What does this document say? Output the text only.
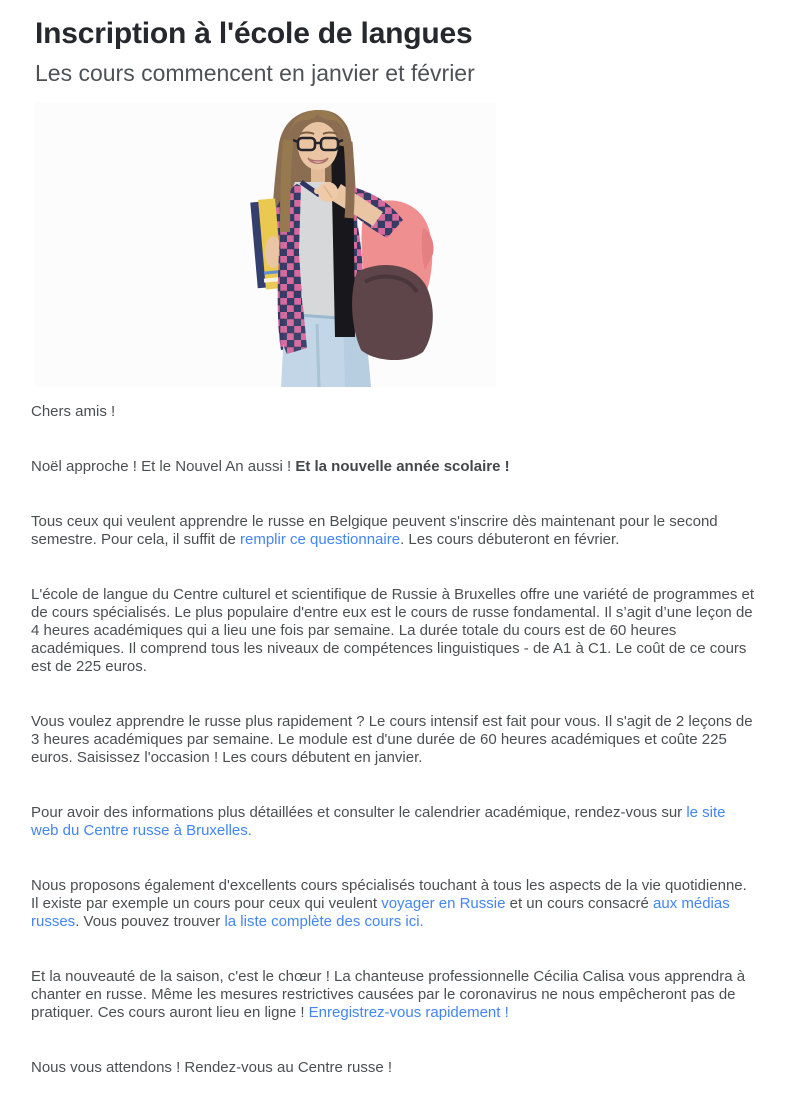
Inscription à l'école de langues
Les cours commencent en janvier et février

Chers amis !

Noël approche ! Et le Nouvel An aussi ! Et la nouvelle année scolaire !

Tous ceux qui veulent apprendre le russe en Belgique peuvent s'inscrire dès maintenant pour le second semestre. Pour cela, il suffit de remplir ce questionnaire. Les cours débuteront en février.

L'école de langue du Centre culturel et scientifique de Russie à Bruxelles offre une variété de programmes et de cours spécialisés. Le plus populaire d'entre eux est le cours de russe fondamental. Il s’agit d’une leçon de 4 heures académiques qui a lieu une fois par semaine. La durée totale du cours est de 60 heures académiques. Il comprend tous les niveaux de compétences linguistiques - de A1 à C1. Le coût de ce cours est de 225 euros.

Vous voulez apprendre le russe plus rapidement ? Le cours intensif est fait pour vous. Il s'agit de 2 leçons de 3 heures académiques par semaine. Le module est d'une durée de 60 heures académiques et coûte 225 euros. Saisissez l'occasion ! Les cours débutent en janvier.

Pour avoir des informations plus détaillées et consulter le calendrier académique, rendez-vous sur le site web du Centre russe à Bruxelles.

Nous proposons également d'excellents cours spécialisés touchant à tous les aspects de la vie quotidienne. Il existe par exemple un cours pour ceux qui veulent voyager en Russie et un cours consacré aux médias russes. Vous pouvez trouver la liste complète des cours ici.

Et la nouveauté de la saison, c'est le chœur ! La chanteuse professionnelle Cécilia Calisa vous apprendra à chanter en russe. Même les mesures restrictives causées par le coronavirus ne nous empêcheront pas de pratiquer. Ces cours auront lieu en ligne ! Enregistrez-vous rapidement !

Nous vous attendons ! Rendez-vous au Centre russe !
